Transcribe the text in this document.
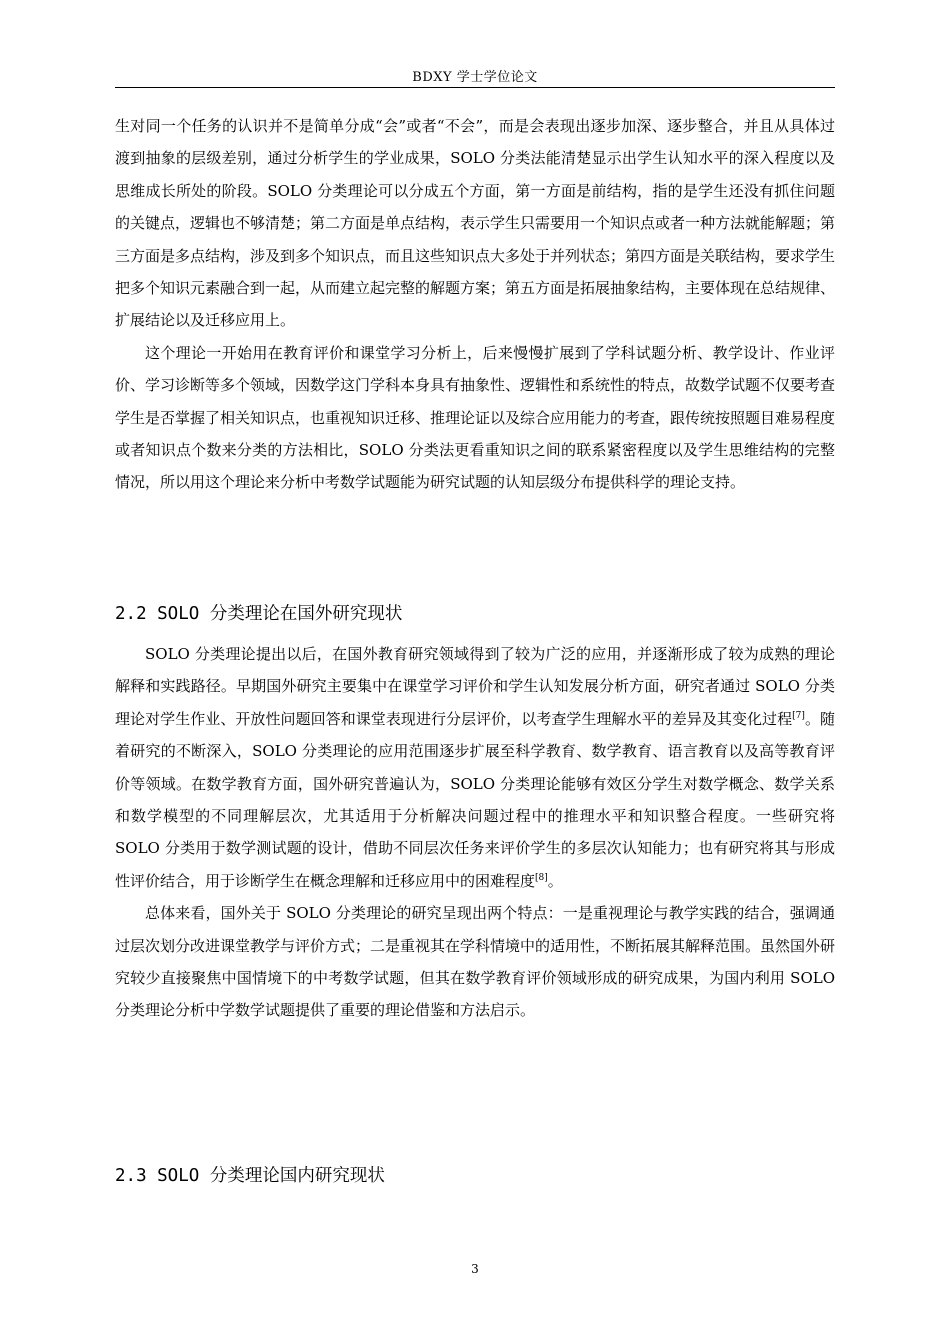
BDXY 学士学位论文

生对同一个任务的认识并不是简单分成“会”或者“不会”，而是会表现出逐步加深、逐步整合，并且从具体过渡到抽象的层级差别，通过分析学生的学业成果，SOLO 分类法能清楚显示出学生认知水平的深入程度以及思维成长所处的阶段。SOLO 分类理论可以分成五个方面，第一方面是前结构，指的是学生还没有抓住问题的关键点，逻辑也不够清楚；第二方面是单点结构，表示学生只需要用一个知识点或者一种方法就能解题；第三方面是多点结构，涉及到多个知识点，而且这些知识点大多处于并列状态；第四方面是关联结构，要求学生把多个知识元素融合到一起，从而建立起完整的解题方案；第五方面是拓展抽象结构，主要体现在总结规律、扩展结论以及迁移应用上。

这个理论一开始用在教育评价和课堂学习分析上，后来慢慢扩展到了学科试题分析、教学设计、作业评价、学习诊断等多个领域，因数学这门学科本身具有抽象性、逻辑性和系统性的特点，故数学试题不仅要考查学生是否掌握了相关知识点，也重视知识迁移、推理论证以及综合应用能力的考查，跟传统按照题目难易程度或者知识点个数来分类的方法相比，SOLO 分类法更看重知识之间的联系紧密程度以及学生思维结构的完整情况，所以用这个理论来分析中考数学试题能为研究试题的认知层级分布提供科学的理论支持。

2.2 SOLO 分类理论在国外研究现状

SOLO 分类理论提出以后，在国外教育研究领域得到了较为广泛的应用，并逐渐形成了较为成熟的理论解释和实践路径。早期国外研究主要集中在课堂学习评价和学生认知发展分析方面，研究者通过 SOLO 分类理论对学生作业、开放性问题回答和课堂表现进行分层评价，以考查学生理解水平的差异及其变化过程[7]。随着研究的不断深入，SOLO 分类理论的应用范围逐步扩展至科学教育、数学教育、语言教育以及高等教育评价等领域。在数学教育方面，国外研究普遍认为，SOLO 分类理论能够有效区分学生对数学概念、数学关系和数学模型的不同理解层次，尤其适用于分析解决问题过程中的推理水平和知识整合程度。一些研究将 SOLO 分类用于数学测试题的设计，借助不同层次任务来评价学生的多层次认知能力；也有研究将其与形成性评价结合，用于诊断学生在概念理解和迁移应用中的困难程度[8]。

总体来看，国外关于 SOLO 分类理论的研究呈现出两个特点：一是重视理论与教学实践的结合，强调通过层次划分改进课堂教学与评价方式；二是重视其在学科情境中的适用性，不断拓展其解释范围。虽然国外研究较少直接聚焦中国情境下的中考数学试题，但其在数学教育评价领域形成的研究成果，为国内利用 SOLO 分类理论分析中学数学试题提供了重要的理论借鉴和方法启示。

2.3 SOLO 分类理论国内研究现状
3
